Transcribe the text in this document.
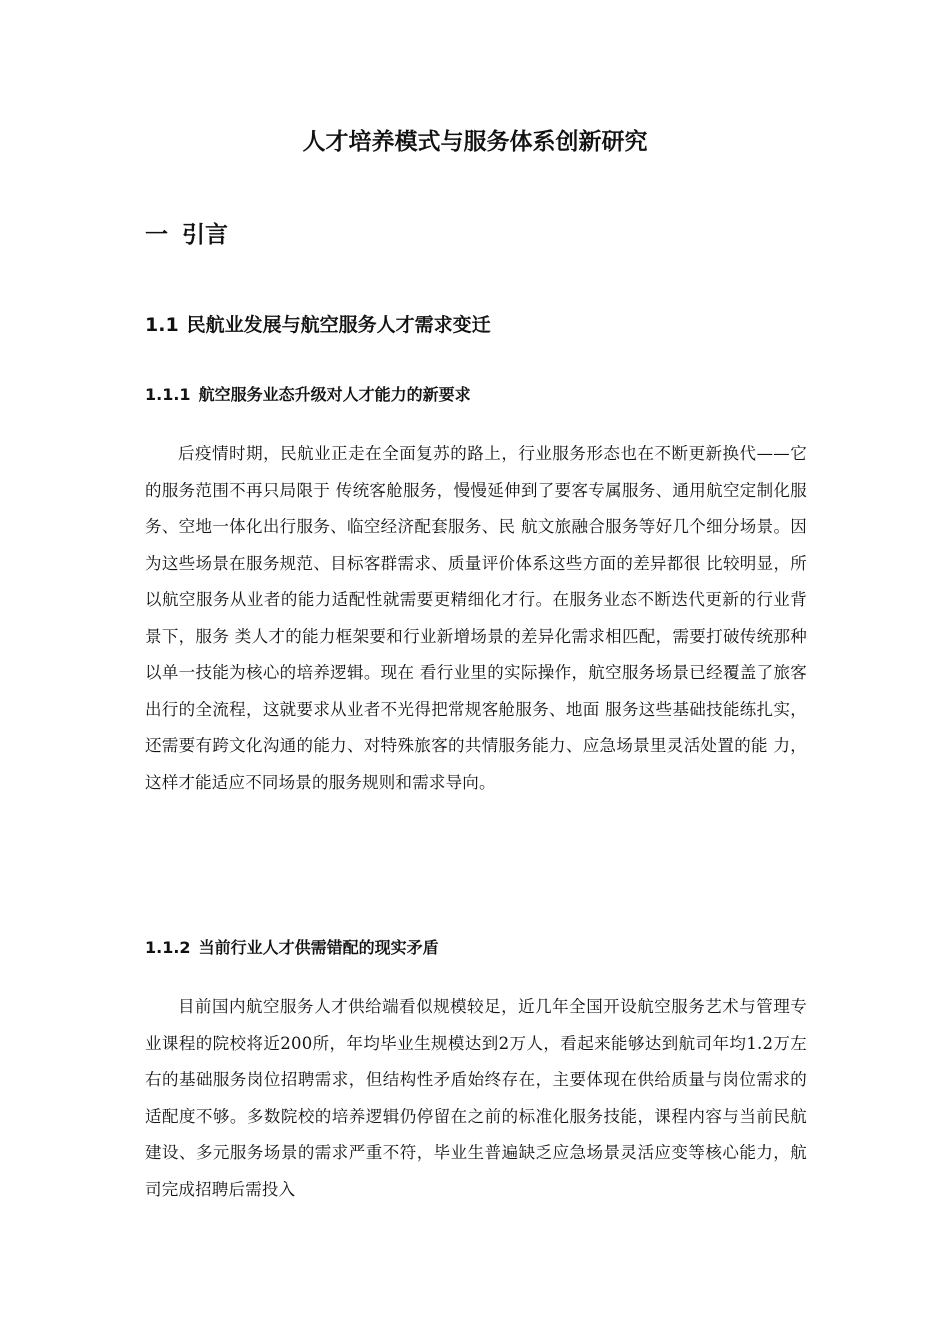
人才培养模式与服务体系创新研究
一 引言
1.1 民航业发展与航空服务人才需求变迁
1.1.1 航空服务业态升级对人才能力的新要求

后疫情时期，民航业正走在全面复苏的路上，行业服务形态也在不断更新换代——它的服务范围不再只局限于 传统客舱服务，慢慢延伸到了要客专属服务、通用航空定制化服务、空地一体化出行服务、临空经济配套服务、民 航文旅融合服务等好几个细分场景。因为这些场景在服务规范、目标客群需求、质量评价体系这些方面的差异都很 比较明显，所以航空服务从业者的能力适配性就需要更精细化才行。在服务业态不断迭代更新的行业背景下，服务 类人才的能力框架要和行业新增场景的差异化需求相匹配，需要打破传统那种以单一技能为核心的培养逻辑。现在 看行业里的实际操作，航空服务场景已经覆盖了旅客出行的全流程，这就要求从业者不光得把常规客舱服务、地面 服务这些基础技能练扎实，还需要有跨文化沟通的能力、对特殊旅客的共情服务能力、应急场景里灵活处置的能 力，这样才能适应不同场景的服务规则和需求导向。

1.1.2 当前行业人才供需错配的现实矛盾

目前国内航空服务人才供给端看似规模较足，近几年全国开设航空服务艺术与管理专业课程的院校将近200所，年均毕业生规模达到2万人，看起来能够达到航司年均1.2万左右的基础服务岗位招聘需求，但结构性矛盾始终存在，主要体现在供给质量与岗位需求的适配度不够。多数院校的培养逻辑仍停留在之前的标准化服务技能，课程内容与当前民航建设、多元服务场景的需求严重不符，毕业生普遍缺乏应急场景灵活应变等核心能力，航司完成招聘后需投入
